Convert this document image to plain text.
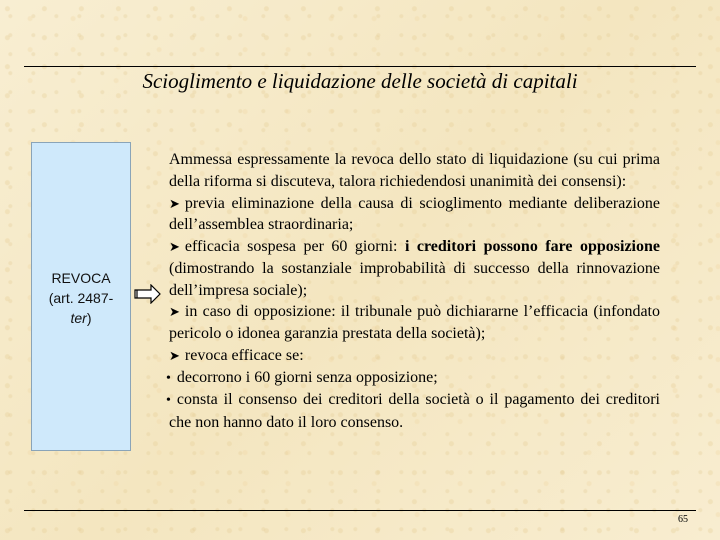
Scioglimento e liquidazione delle società di capitali
REVOCA
(art. 2487-
ter)

Ammessa espressamente la revoca dello stato di liquidazione (su cui prima della riforma si discuteva, talora richiedendosi unanimità dei consensi):

➤ previa eliminazione della causa di scioglimento mediante deliberazione dell’assemblea straordinaria;

➤ efficacia sospesa per 60 giorni: i creditori possono fare opposizione (dimostrando la sostanziale improbabilità di successo della rinnovazione dell’impresa sociale);

➤ in caso di opposizione: il tribunale può dichiararne l’efficacia (infondato pericolo o idonea garanzia prestata della società);

➤ revoca efficace se:

• decorrono i 60 giorni senza opposizione;

• consta il consenso dei creditori della società o il pagamento dei creditori che non hanno dato il loro consenso.

65
